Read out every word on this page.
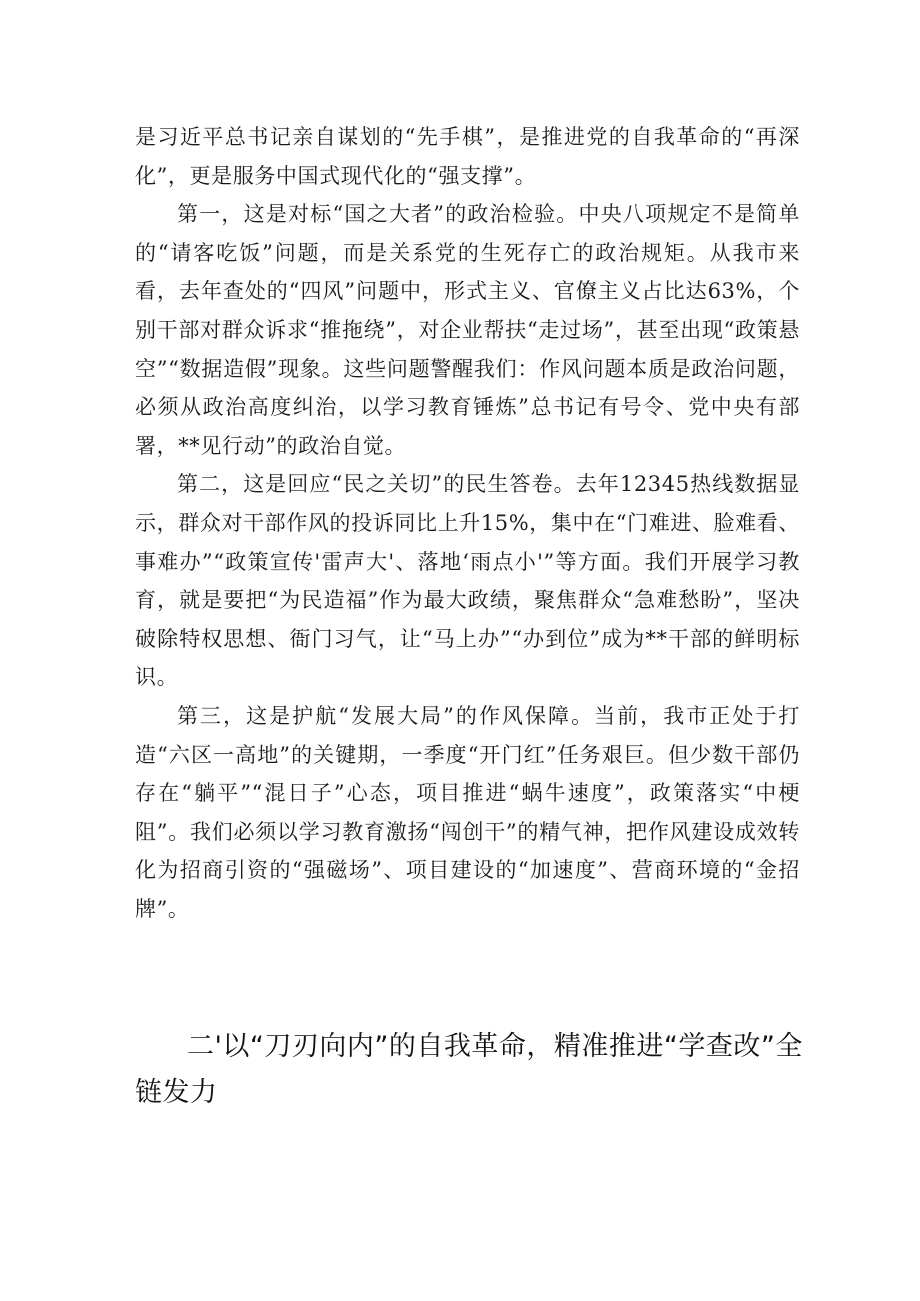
是习近平总书记亲自谋划的“先手棋”，是推进党的自我革命的“再深化”，更是服务中国式现代化的“强支撑”。

第一，这是对标“国之大者”的政治检验。中央八项规定不是简单的“请客吃饭”问题，而是关系党的生死存亡的政治规矩。从我市来看，去年查处的“四风”问题中，形式主义、官僚主义占比达63%，个别干部对群众诉求“推拖绕”，对企业帮扶“走过场”，甚至出现“政策悬空”“数据造假”现象。这些问题警醒我们：作风问题本质是政治问题，必须从政治高度纠治，以学习教育锤炼”总书记有号令、党中央有部署，**见行动”的政治自觉。

第二，这是回应“民之关切”的民生答卷。去年12345热线数据显示，群众对干部作风的投诉同比上升15%，集中在“门难进、脸难看、事难办”“政策宣传'雷声大'、落地‘雨点小'”等方面。我们开展学习教育，就是要把“为民造福”作为最大政绩，聚焦群众“急难愁盼”，坚决破除特权思想、衙门习气，让“马上办”“办到位”成为**干部的鲜明标识。

第三，这是护航“发展大局”的作风保障。当前，我市正处于打造“六区一高地”的关键期，一季度“开门红”任务艰巨。但少数干部仍存在“躺平”“混日子”心态，项目推进“蜗牛速度”，政策落实“中梗阻”。我们必须以学习教育激扬“闯创干”的精气神，把作风建设成效转化为招商引资的“强磁场”、项目建设的“加速度”、营商环境的“金招牌”。

二'以“刀刃向内”的自我革命，精准推进“学查改”全链发力
